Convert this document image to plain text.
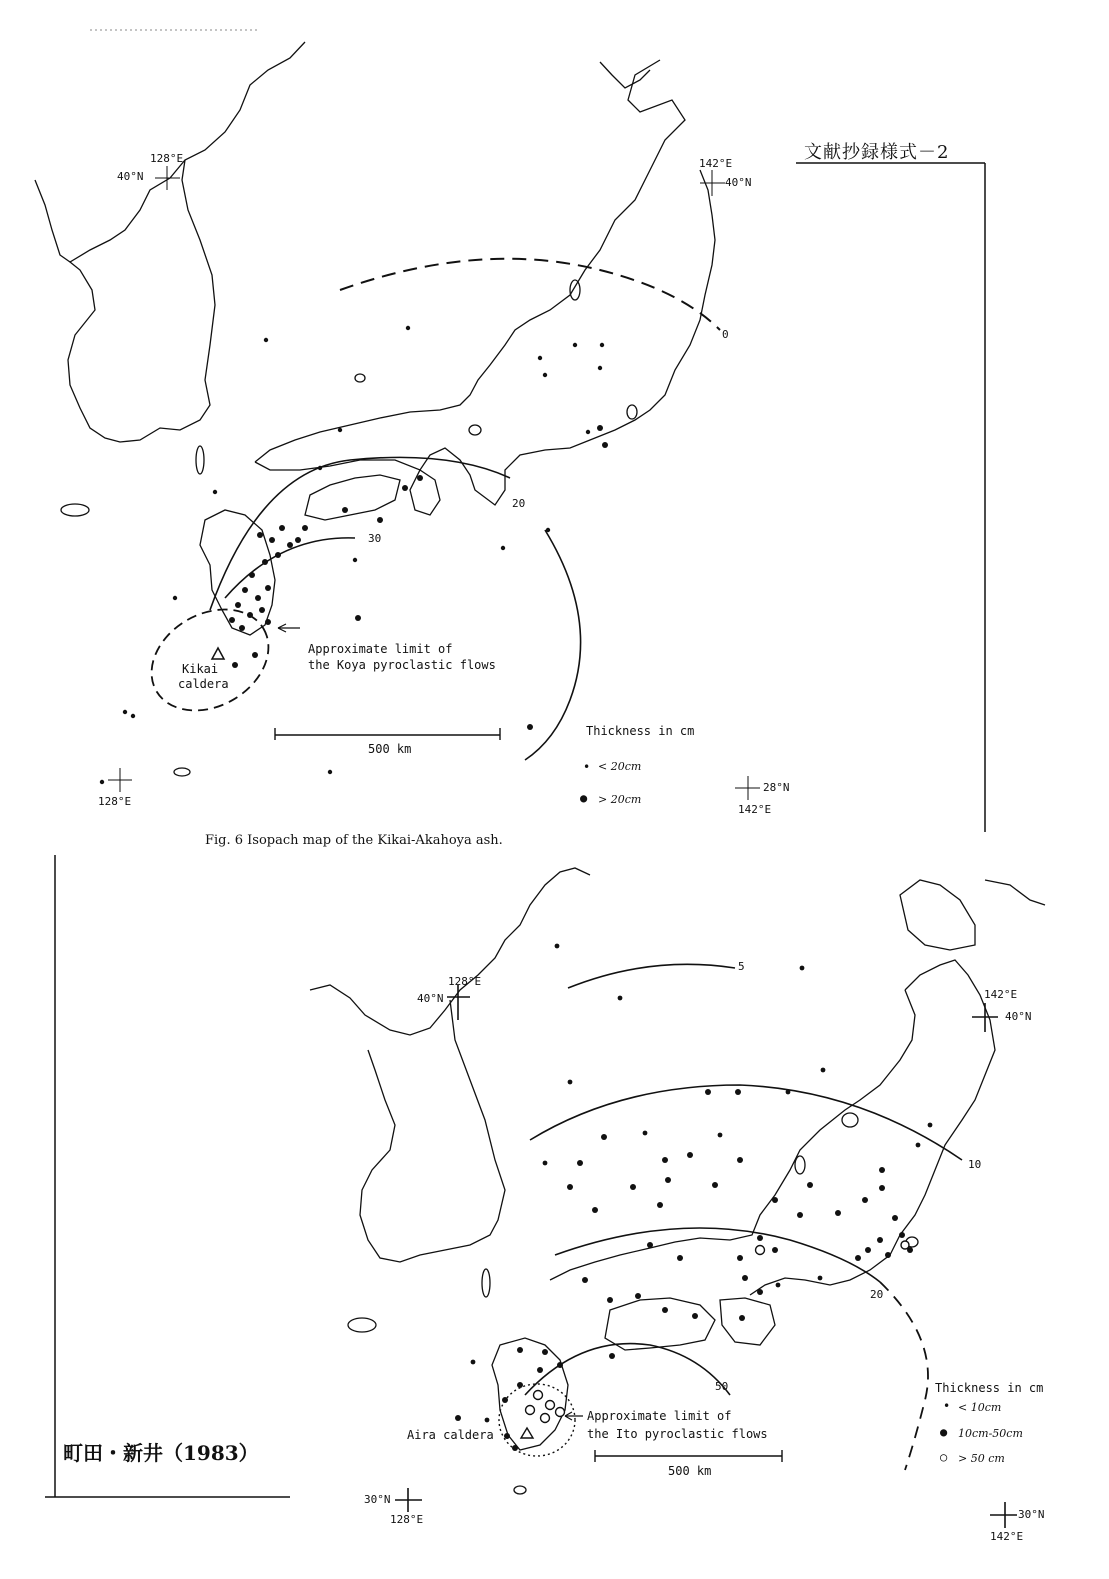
128°E
40°N
142°E
40°N
128°E
28°N
142°E
0
20
30
Kikai
caldera
Approximate limit of
the Koya pyroclastic flows
500 km
Thickness in cm
• < 20cm
● > 20cm
Fig. 6 Isopach map of the Kikai-Akahoya ash.
文献抄録様式－2
128°E
40°N	142°E
40°N
30°N
128°E	30°N
142°E
5
10
20
50
Aira caldera
Approximate limit of
the Ito pyroclastic flows
500 km
Thickness in cm
• < 10cm
● 10cm-50cm
○ > 50 cm
町田・新井（1983）
